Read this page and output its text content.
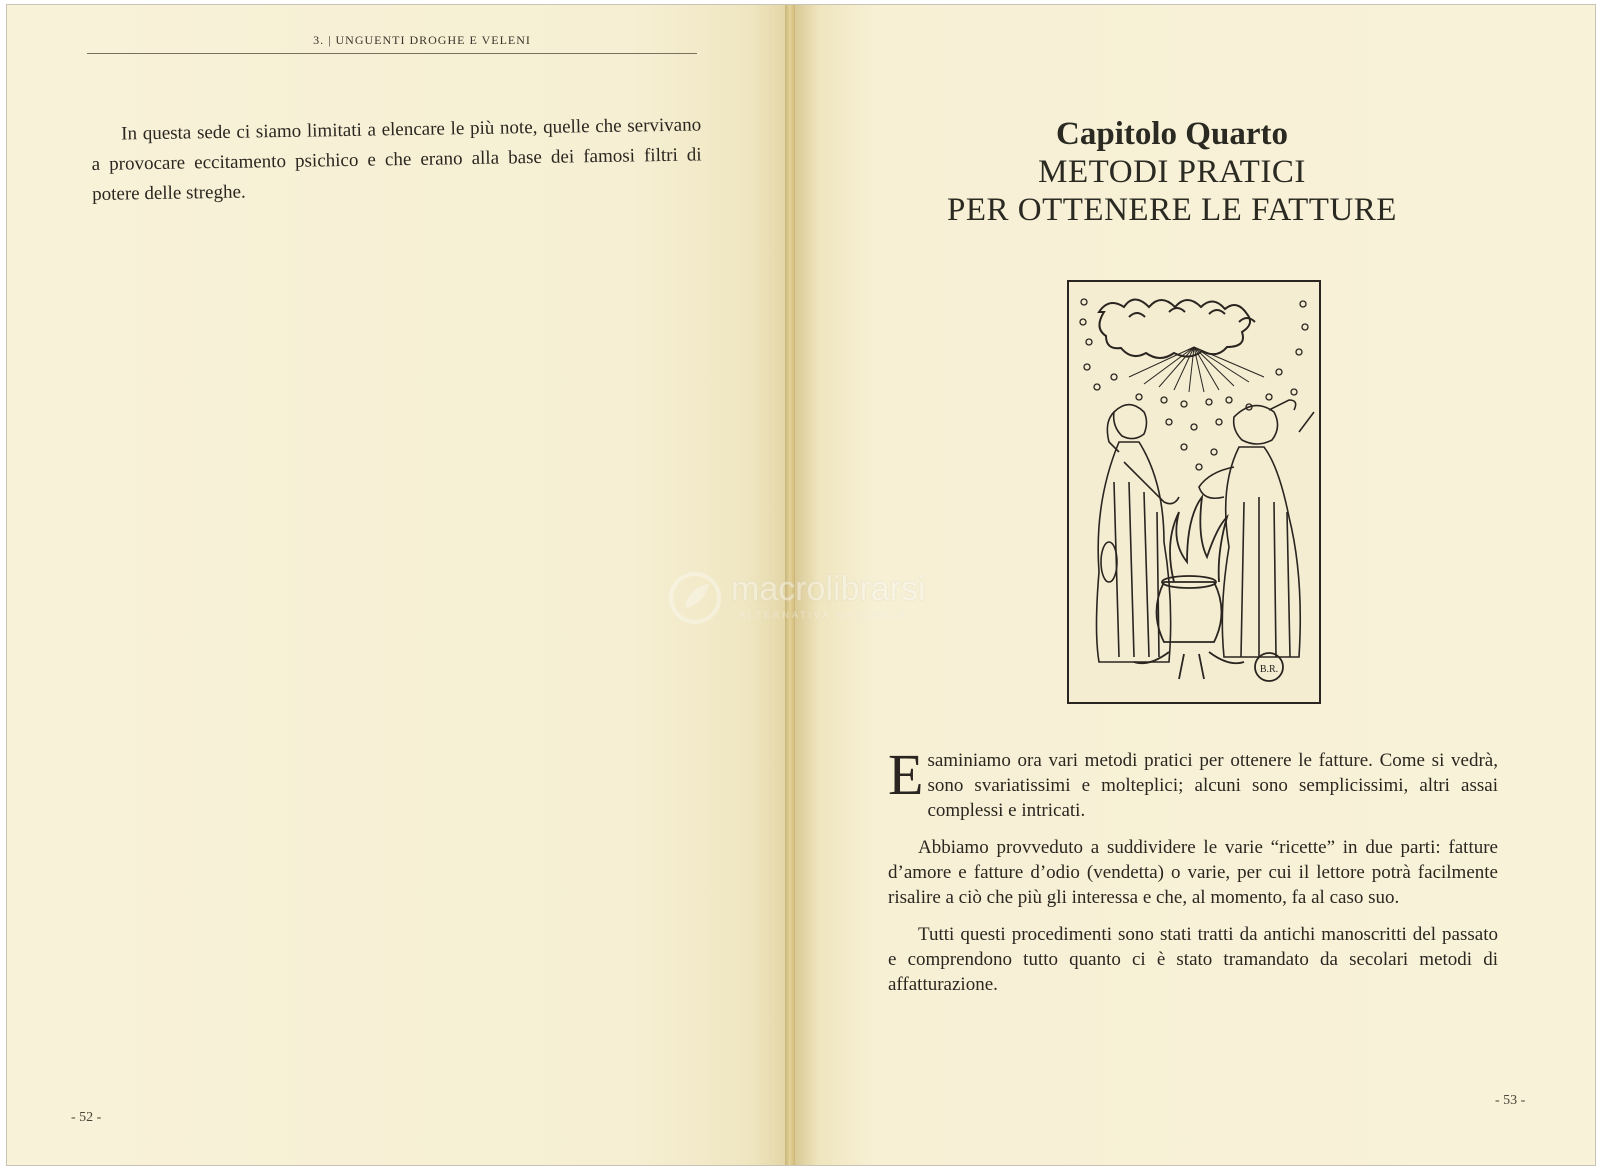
3. | UNGUENTI DROGHE E VELENI

In questa sede ci siamo limitati a elencare le più note, quelle che servivano a provocare eccitamento psichico e che erano alla base dei famosi filtri di potere delle streghe.

- 52 -
Capitolo Quarto
METODI PRATICI
PER OTTENERE LE FATTURE
B.R.

Esaminiamo ora vari metodi pratici per ottenere le fatture. Come si vedrà, sono svariatissimi e molteplici; alcuni sono semplicissimi, altri assai complessi e intricati.

Abbiamo provveduto a suddividere le varie “ricette” in due parti: fatture d’amore e fatture d’odio (vendetta) o varie, per cui il lettore potrà facilmente risalire a ciò che più gli interessa e che, al momento, fa al caso suo.

Tutti questi procedimenti sono stati tratti da antichi manoscritti del passato e comprendono tutto quanto ci è stato tramandato da secolari metodi di affatturazione.

- 53 -
macrolibrarsi
ALTERNATIVA NATURALE
